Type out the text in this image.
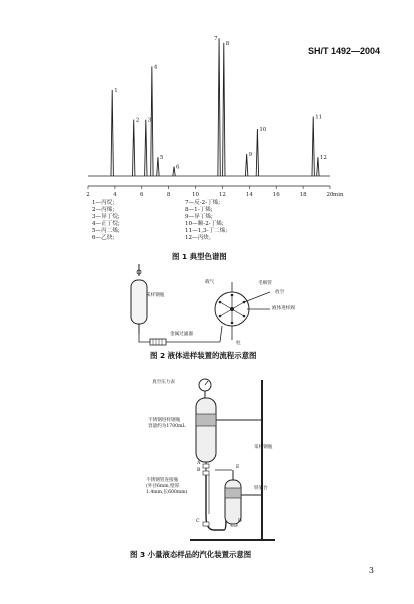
SH/T 1492—2004
2	4	6	8	10	12	14	16	18	20 min
1
2 3
4
5
6
7
8
9
10
11
12
1—丙烷;
2—丙烯;
3—异丁烷;
4—正丁烷;
5—丙二烯;
6—乙炔;
7—反-2-丁烯;
8—1-丁烯;
9—异丁烯;
10—顺-2-丁烯;
11—1,3-丁二烯;
12—丙炔。
图 1 典型色谱图
采样钢瓶
载气	毛细管
放空
液体进样阀
金属过滤器
柱
图 2 液体进样装置的流程示意图
真空压力表
不锈钢进样钢瓶
容量约为1700mL
采样钢瓶
铁架台
不锈钢管连接瓶
(外径6mm,壁厚
1.4mm,长600mm)
A
B
C	D
E
图 3 小量液态样品的汽化装置示意图
3
